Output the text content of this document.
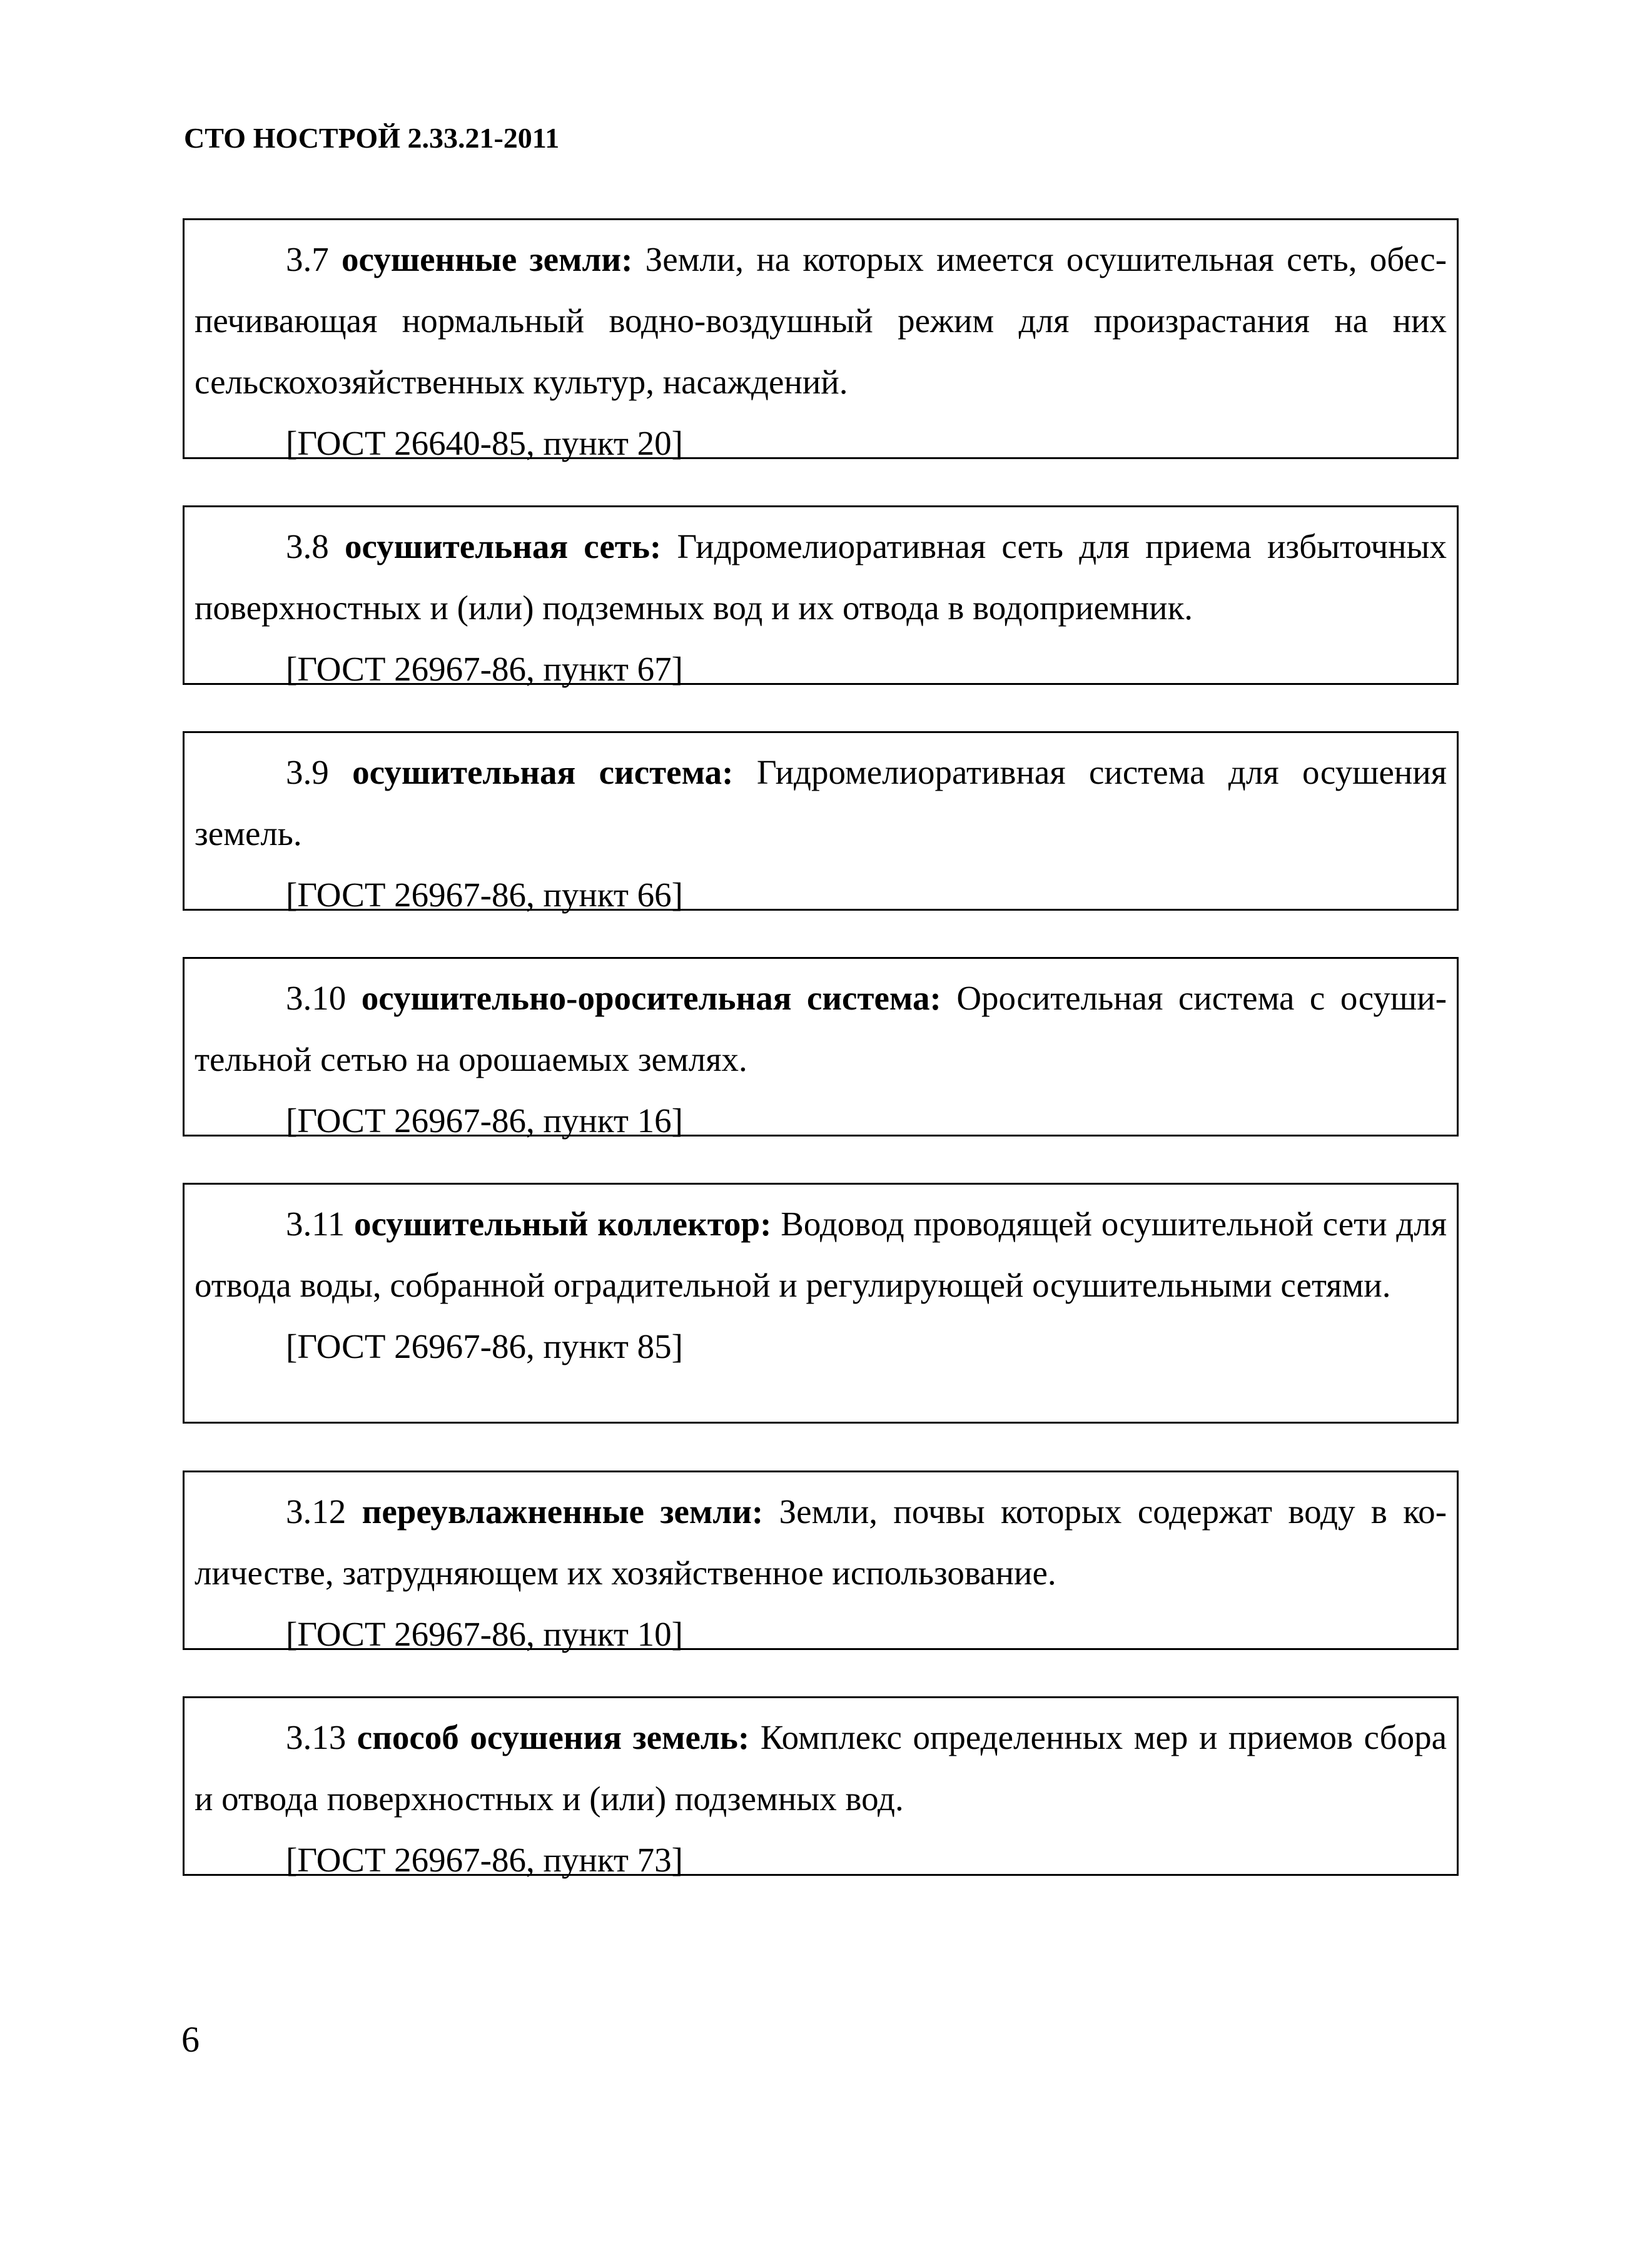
СТО НОСТРОЙ 2.33.21-2011

3.7 осушенные земли: Земли, на которых имеется осушительная сеть, обеспечивающая нормальный водно-воздушный режим для произрастания на них сельскохозяйственных культур, насаждений.

[ГОСТ 26640-85, пункт 20]

3.8 осушительная сеть: Гидромелиоративная сеть для приема избыточных поверхностных и (или) подземных вод и их отвода в водоприемник.

[ГОСТ 26967-86, пункт 67]

3.9 осушительная система: Гидромелиоративная система для осушения земель.

[ГОСТ 26967-86, пункт 66]

3.10 осушительно-оросительная система: Оросительная система с осушительной сетью на орошаемых землях.

[ГОСТ 26967-86, пункт 16]

3.11 осушительный коллектор: Водовод проводящей осушительной сети для отвода воды, собранной оградительной и регулирующей осушительными сетями.

[ГОСТ 26967-86, пункт 85]

3.12 переувлажненные земли: Земли, почвы которых содержат воду в количестве, затрудняющем их хозяйственное использование.

[ГОСТ 26967-86, пункт 10]

3.13 способ осушения земель: Комплекс определенных мер и приемов сбора и отвода поверхностных и (или) подземных вод.

[ГОСТ 26967-86, пункт 73]

6
